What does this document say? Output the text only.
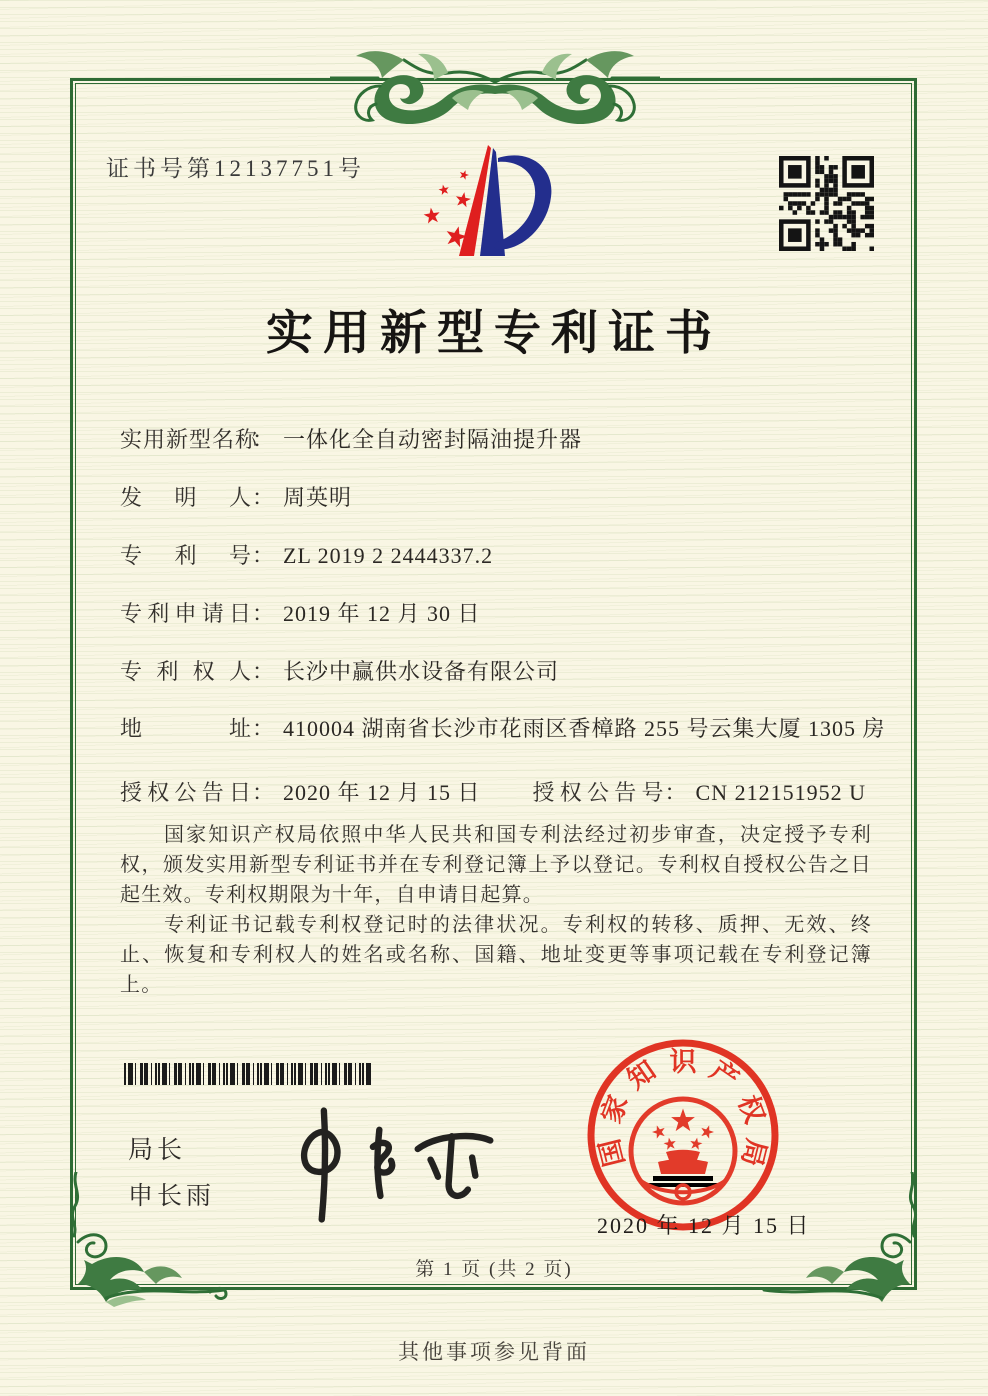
证书号第12137751号
实用新型专利证书
实用新型名称： 一体化全自动密封隔油提升器
发明人： 周英明
专利号： ZL 2019 2 2444337.2
专利申请日： 2019 年 12 月 30 日
专利权人： 长沙中赢供水设备有限公司
地址： 410004 湖南省长沙市花雨区香樟路 255 号云集大厦 1305 房
授权公告日： 2020 年 12 月 15 日 授权公告号： CN 212151952 U

国家知识产权局依照中华人民共和国专利法经过初步审查，决定授予专利权，颁发实用新型专利证书并在专利登记簿上予以登记。专利权自授权公告之日起生效。专利权期限为十年，自申请日起算。

专利证书记载专利权登记时的法律状况。专利权的转移、质押、无效、终止、恢复和专利权人的姓名或名称、国籍、地址变更等事项记载在专利登记簿上。

局长
申长雨
国
家
知 识 产
权
局
2020 年 12 月 15 日
第 1 页 (共 2 页)
其他事项参见背面
